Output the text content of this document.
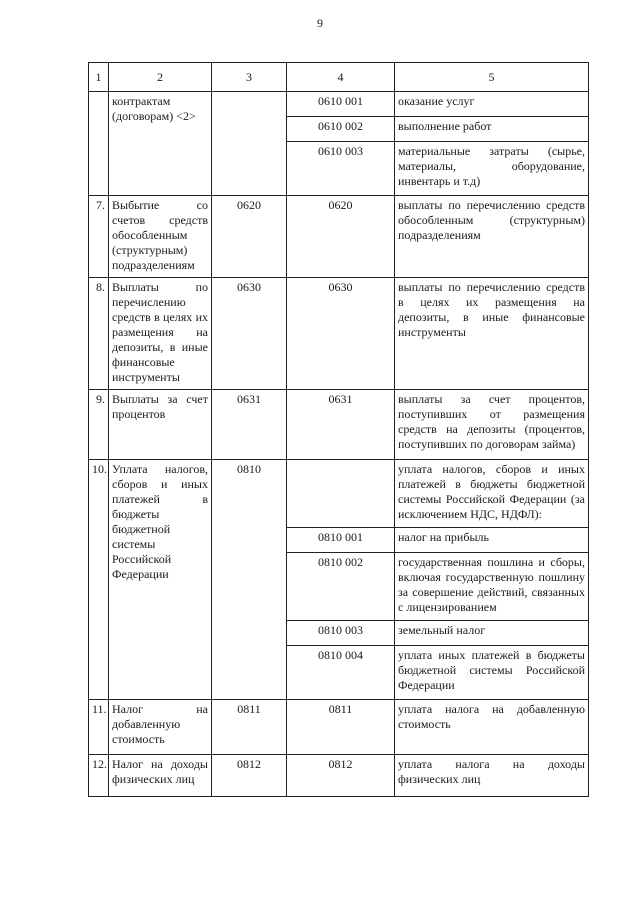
9
1	2	3	4	5
	контрактам (договорам) <2>		0610 001	оказание услуг
			0610 002	выполнение работ
			0610 003	материальные затраты (сырье, материалы, оборудование, инвентарь и т.д)
7.	Выбытие со счетов средств обособленным (структурным) подразделениям	0620	0620	выплаты по перечислению средств обособленным (структурным) подразделениям
8.	Выплаты по перечислению средств в целях их размещения на депозиты, в иные финансовые инструменты	0630	0630	выплаты по перечислению средств в целях их размещения на депозиты, в иные финансовые инструменты
9.	Выплаты за счет процентов	0631	0631	выплаты за счет процентов, поступивших от размещения средств на депозиты (процентов, поступивших по договорам займа)
10.	Уплата налогов, сборов и иных платежей в бюджеты бюджетной системы Российской Федерации	0810		уплата налогов, сборов и иных платежей в бюджеты бюджетной системы Российской Федерации (за исключением НДС, НДФЛ):
			0810 001	налог на прибыль
			0810 002	государственная пошлина и сборы, включая государственную пошлину за совершение действий, связанных с лицензированием
			0810 003	земельный налог
			0810 004	уплата иных платежей в бюджеты бюджетной системы Российской Федерации
11.	Налог на добавленную стоимость	0811	0811	уплата налога на добавленную стоимость
12.	Налог на доходы физических лиц	0812	0812	уплата налога на доходы физических лиц
